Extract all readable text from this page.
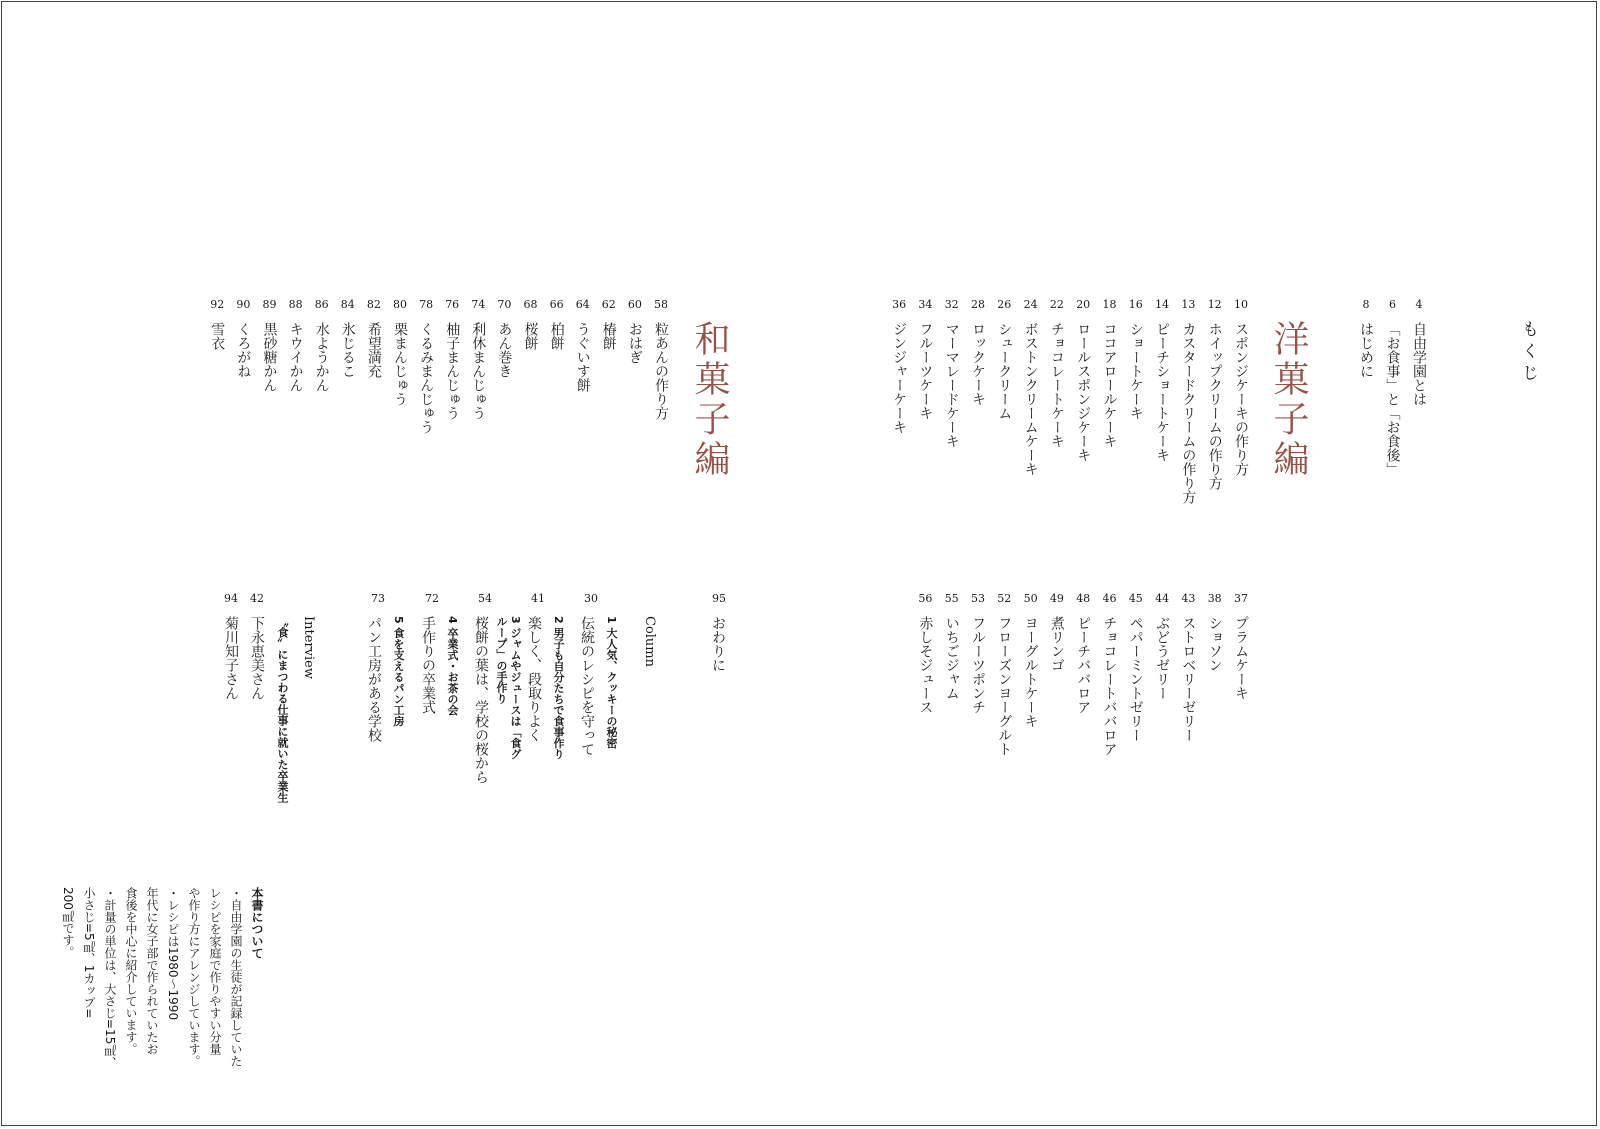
もくじ
4
自由学園とは
6
「お食事」と「お食後」
8
はじめに
洋菓子編
10
スポンジケーキの作り方
12
ホイップクリームの作り方
13
カスタードクリームの作り方
14
ピーチショートケーキ
16
ショートケーキ
18
ココアロールケーキ
20
ロールスポンジケーキ
22
チョコレートケーキ
24
ボストンクリームケーキ
26
シュークリーム
28
ロックケーキ
32
マーマレードケーキ
34
フルーツケーキ
36
ジンジャーケーキ
37
プラムケーキ
38
ショソン
43
ストロベリーゼリー
44
ぶどうゼリー
45
ペパーミントゼリー
46
チョコレートババロア
48
ピーチババロア
49
煮リンゴ
50
ヨーグルトケーキ
52
フローズンヨーグルト
53
フルーツポンチ
55
いちごジャム
56
赤しそジュース
和菓子編
58
粒あんの作り方
60
おはぎ
62
椿餅
64
うぐいす餅
66
柏餅
68
桜餅
70
あん巻き
74
利休まんじゅう
76
柚子まんじゅう
78
くるみまんじゅう
80
栗まんじゅう
82
希望満充
84
氷じるこ
86
水ようかん
88
キウイかん
89
黒砂糖かん
90
くろがね
92
雪衣
95
おわりに
Column
30
1 大人気、クッキーの秘密
伝統のレシピを守って
41
2 男子も自分たちで食事作り
楽しく、段取りよく
54
3 ジャムやジュースは「食グループ」の手作り
桜餅の葉は、学校の桜から
72
4 卒業式・お茶の会
手作りの卒業式
73
5 食を支えるパン工房
パン工房がある学校
Interview
〝食〟にまつわる仕事に就いた卒業生
42
下永恵美さん
94
菊川知子さん
本書について
・自由学園の生徒が記録していた
レシピを家庭で作りやすい分量
や作り方にアレンジしています。
・レシピは1980〜1990
年代に女子部で作られていたお
食後を中心に紹介しています。
・計量の単位は、大さじ=15㎖、
小さじ=5㎖、1カップ=
200㎖です。
